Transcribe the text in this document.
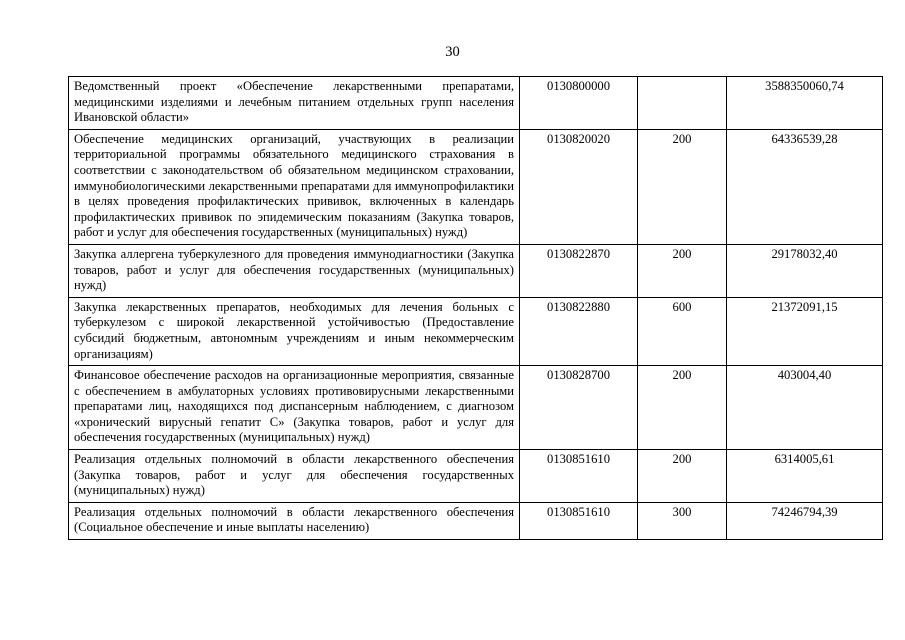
30
Ведомственный проект «Обеспечение лекарственными препаратами, медицинскими изделиями и лечебным питанием отдельных групп населения Ивановской области»	0130800000		3588350060,74
Обеспечение медицинских организаций, участвующих в реализации территориальной программы обязательного медицинского страхования в соответствии с законодательством об обязательном медицинском страховании, иммунобиологическими лекарственными препаратами для иммунопрофилактики в целях проведения профилактических прививок, включенных в календарь профилактических прививок по эпидемическим показаниям (Закупка товаров, работ и услуг для обеспечения государственных (муниципальных) нужд)	0130820020	200	64336539,28
Закупка аллергена туберкулезного для проведения иммунодиагностики (Закупка товаров, работ и услуг для обеспечения государственных (муниципальных) нужд)	0130822870	200	29178032,40
Закупка лекарственных препаратов, необходимых для лечения больных с туберкулезом с широкой лекарственной устойчивостью (Предоставление субсидий бюджетным, автономным учреждениям и иным некоммерческим организациям)	0130822880	600	21372091,15
Финансовое обеспечение расходов на организационные мероприятия, связанные с обеспечением в амбулаторных условиях противовирусными лекарственными препаратами лиц, находящихся под диспансерным наблюдением, с диагнозом «хронический вирусный гепатит C» (Закупка товаров, работ и услуг для обеспечения государственных (муниципальных) нужд)	0130828700	200	403004,40
Реализация отдельных полномочий в области лекарственного обеспечения (Закупка товаров, работ и услуг для обеспечения государственных (муниципальных) нужд)	0130851610	200	6314005,61
Реализация отдельных полномочий в области лекарственного обеспечения (Социальное обеспечение и иные выплаты населению)	0130851610	300	74246794,39
